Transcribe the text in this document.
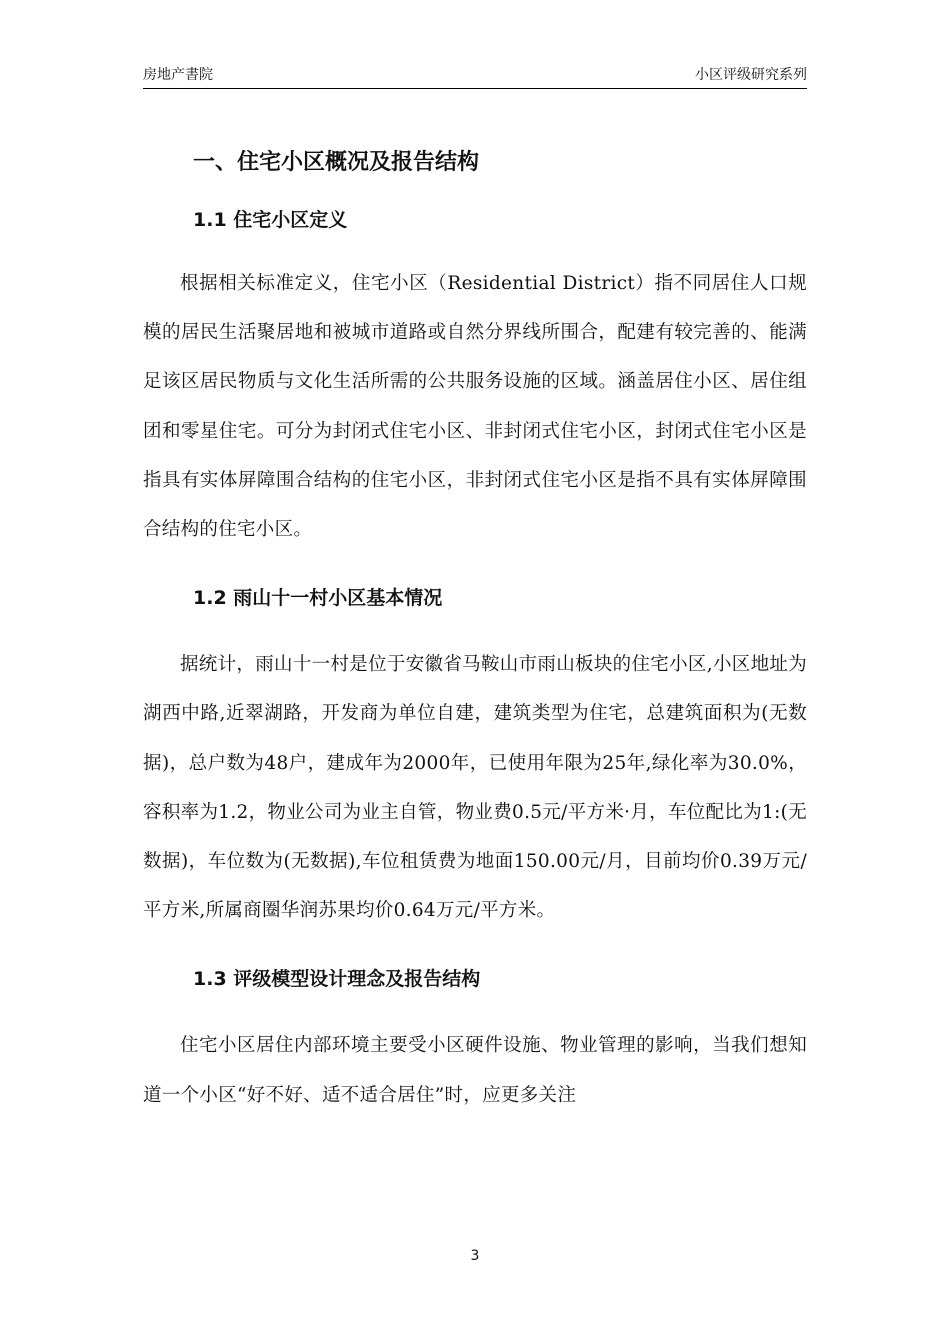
房地产書院	小区评级研究系列
一、住宅小区概况及报告结构
1.1 住宅小区定义

根据相关标准定义，住宅小区（Residential District）指不同居住人口规模的居民生活聚居地和被城市道路或自然分界线所围合，配建有较完善的、能满足该区居民物质与文化生活所需的公共服务设施的区域。涵盖居住小区、居住组团和零星住宅。可分为封闭式住宅小区、非封闭式住宅小区，封闭式住宅小区是指具有实体屏障围合结构的住宅小区，非封闭式住宅小区是指不具有实体屏障围合结构的住宅小区。

1.2 雨山十一村小区基本情况

据统计，雨山十一村是位于安徽省马鞍山市雨山板块的住宅小区,小区地址为湖西中路,近翠湖路，开发商为单位自建，建筑类型为住宅，总建筑面积为(无数据)，总户数为48户，建成年为2000年，已使用年限为25年,绿化率为30.0%，容积率为1.2，物业公司为业主自管，物业费0.5元/平方米·月，车位配比为1:(无数据)，车位数为(无数据),车位租赁费为地面150.00元/月，目前均价0.39万元/平方米,所属商圈华润苏果均价0.64万元/平方米。

1.3 评级模型设计理念及报告结构

住宅小区居住内部环境主要受小区硬件设施、物业管理的影响，当我们想知道一个小区“好不好、适不适合居住”时，应更多关注

3
